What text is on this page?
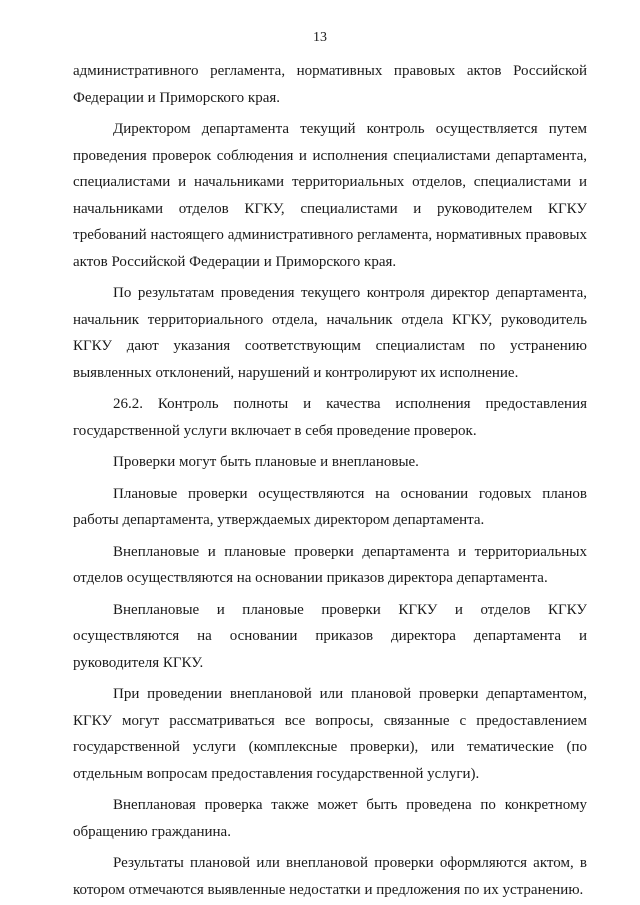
13

административного регламента, нормативных правовых актов Российской Федерации и Приморского края.

Директором департамента текущий контроль осуществляется путем проведения проверок соблюдения и исполнения специалистами департамента, специалистами и начальниками территориальных отделов, специалистами и начальниками отделов КГКУ, специалистами и руководителем КГКУ требований настоящего административного регламента, нормативных правовых актов Российской Федерации и Приморского края.

По результатам проведения текущего контроля директор департамента, начальник территориального отдела, начальник отдела КГКУ, руководитель КГКУ дают указания соответствующим специалистам по устранению выявленных отклонений, нарушений и контролируют их исполнение.

26.2. Контроль полноты и качества исполнения предоставления государственной услуги включает в себя проведение проверок.

Проверки могут быть плановые и внеплановые.

Плановые проверки осуществляются на основании годовых планов работы департамента, утверждаемых директором департамента.

Внеплановые и плановые проверки департамента и территориальных отделов осуществляются на основании приказов директора департамента.

Внеплановые и плановые проверки КГКУ и отделов КГКУ осуществляются на основании приказов директора департамента и руководителя КГКУ.

При проведении внеплановой или плановой проверки департаментом, КГКУ могут рассматриваться все вопросы, связанные с предоставлением государственной услуги (комплексные проверки), или тематические (по отдельным вопросам предоставления государственной услуги).

Внеплановая проверка также может быть проведена по конкретному обращению гражданина.

Результаты плановой или внеплановой проверки оформляются актом, в котором отмечаются выявленные недостатки и предложения по их устранению.
